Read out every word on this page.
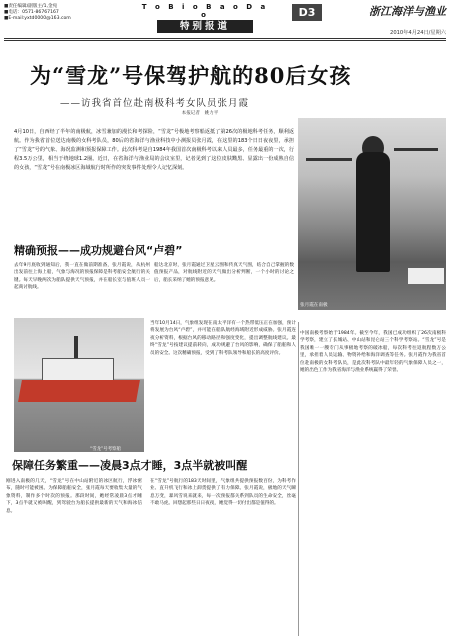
■责任编辑/副版主/1,金宛
■电话：0571-86767167
■E-mail:yxtd0000@163.com
T o B i o B a o D a o
特别报道
D3	浙江海洋与渔业
2010年4月24日/星期六
为“雪龙”号保驾护航的80后女孩
——访我省首位赴南极科考女队员张月霞
本报记者　姚力平
4月10日，自西经了半年的南极航，冰雪兼加的漫长和考探险，“雪龙”号极地考察船返抵了第26次的极地科考任务，顺利返航。作为我省首位送达南极的女科考队员，80后的省海洋与渔业科技中小测报员张月霞，在这里的183个日日夜夜里，承担了“雪龙”号的气象、海况监测和预报保障工作。此次科考是自1984年我国首次南极科考以来人员最多，任务最重的一次，行程3.5万公里，相当于绕地球1.2圈。近日，在省海洋与渔业局的会议室里，记者见到了这位皮肤黝黑、显露出一份成熟自信的女孩，“雪龙”号在南极冰区海域航行时所作的突发事件处理令人记忆深刻。
张月霞在南极
精确预报——成功规避台风“卢碧”
去年9月底收到通知后，我一直在做前期准备，张月霞说，从杭州出发前往上海上船，气象与海况的预报保障是科考船安全航行的关键。每天早晚两次为船队提供天气预报，并在船长室与值班人员一起商讨航线。
船达北京时，张月霞通过卫星云图和传真天气图，结合自己掌握的数值预报产品，对航线附近的天气做出分析判断，一个小时的讨论之后，船长采纳了她的预报意见。
“雪龙”号考察船
当年10月14日，气象组发现在南太平洋有一个热带低压正在加强，预计将发展为台风“卢碧”，并可能在船队航经海域附近形成威胁。张月霞连夜分析资料，根据台风的移动路径和强度变化，提出调整航线建议。最终“雪龙”号按建议提前转向，成功规避了台风的影响，确保了船舶和人员的安全。这次精确预报，受到了科考队领导和船长的高度评价。
保障任务繁重——凌晨3点才睡，3点半就被叫醒
刚进入南极的几天，“雪龙”号在中山站附近的冰区航行，浮冰密布，随时可能被困。为保障船舶安全，张月霞每天要收集大量的气象资料，制作多个时次的预报。那段时间，她经常凌晨3点才睡下，3点半就又被叫醒，到驾驶台为船长提供最新的天气和海冰信息。
在“雪龙”号航行的183天时间里，气象组共提供预报数百份，为科考作业、直升机飞行和冰上卸货提供了有力保障。张月霞说，极地的天气瞬息万变，暴风雪说来就来，每一次预报都关系到队员的生命安全，丝毫不敢马虎。回想起那些日日夜夜，她觉得一切付出都是值得的。
中国南极考察始于1984年。截至今年，我国已成功组织了26次南极科学考察，建立了长城站、中山站和昆仑站三个科学考察站。“雪龙”号是我国唯一一艘专门从事极地考察的破冰船，每次科考往返航程数万公里，承担着人员运输、物资补给和海洋调查等任务。张月霞作为我省首位赴南极的女科考队员，是此次科考队中最年轻的气象保障人员之一，她的出色工作为我省海洋与渔业系统赢得了荣誉。
